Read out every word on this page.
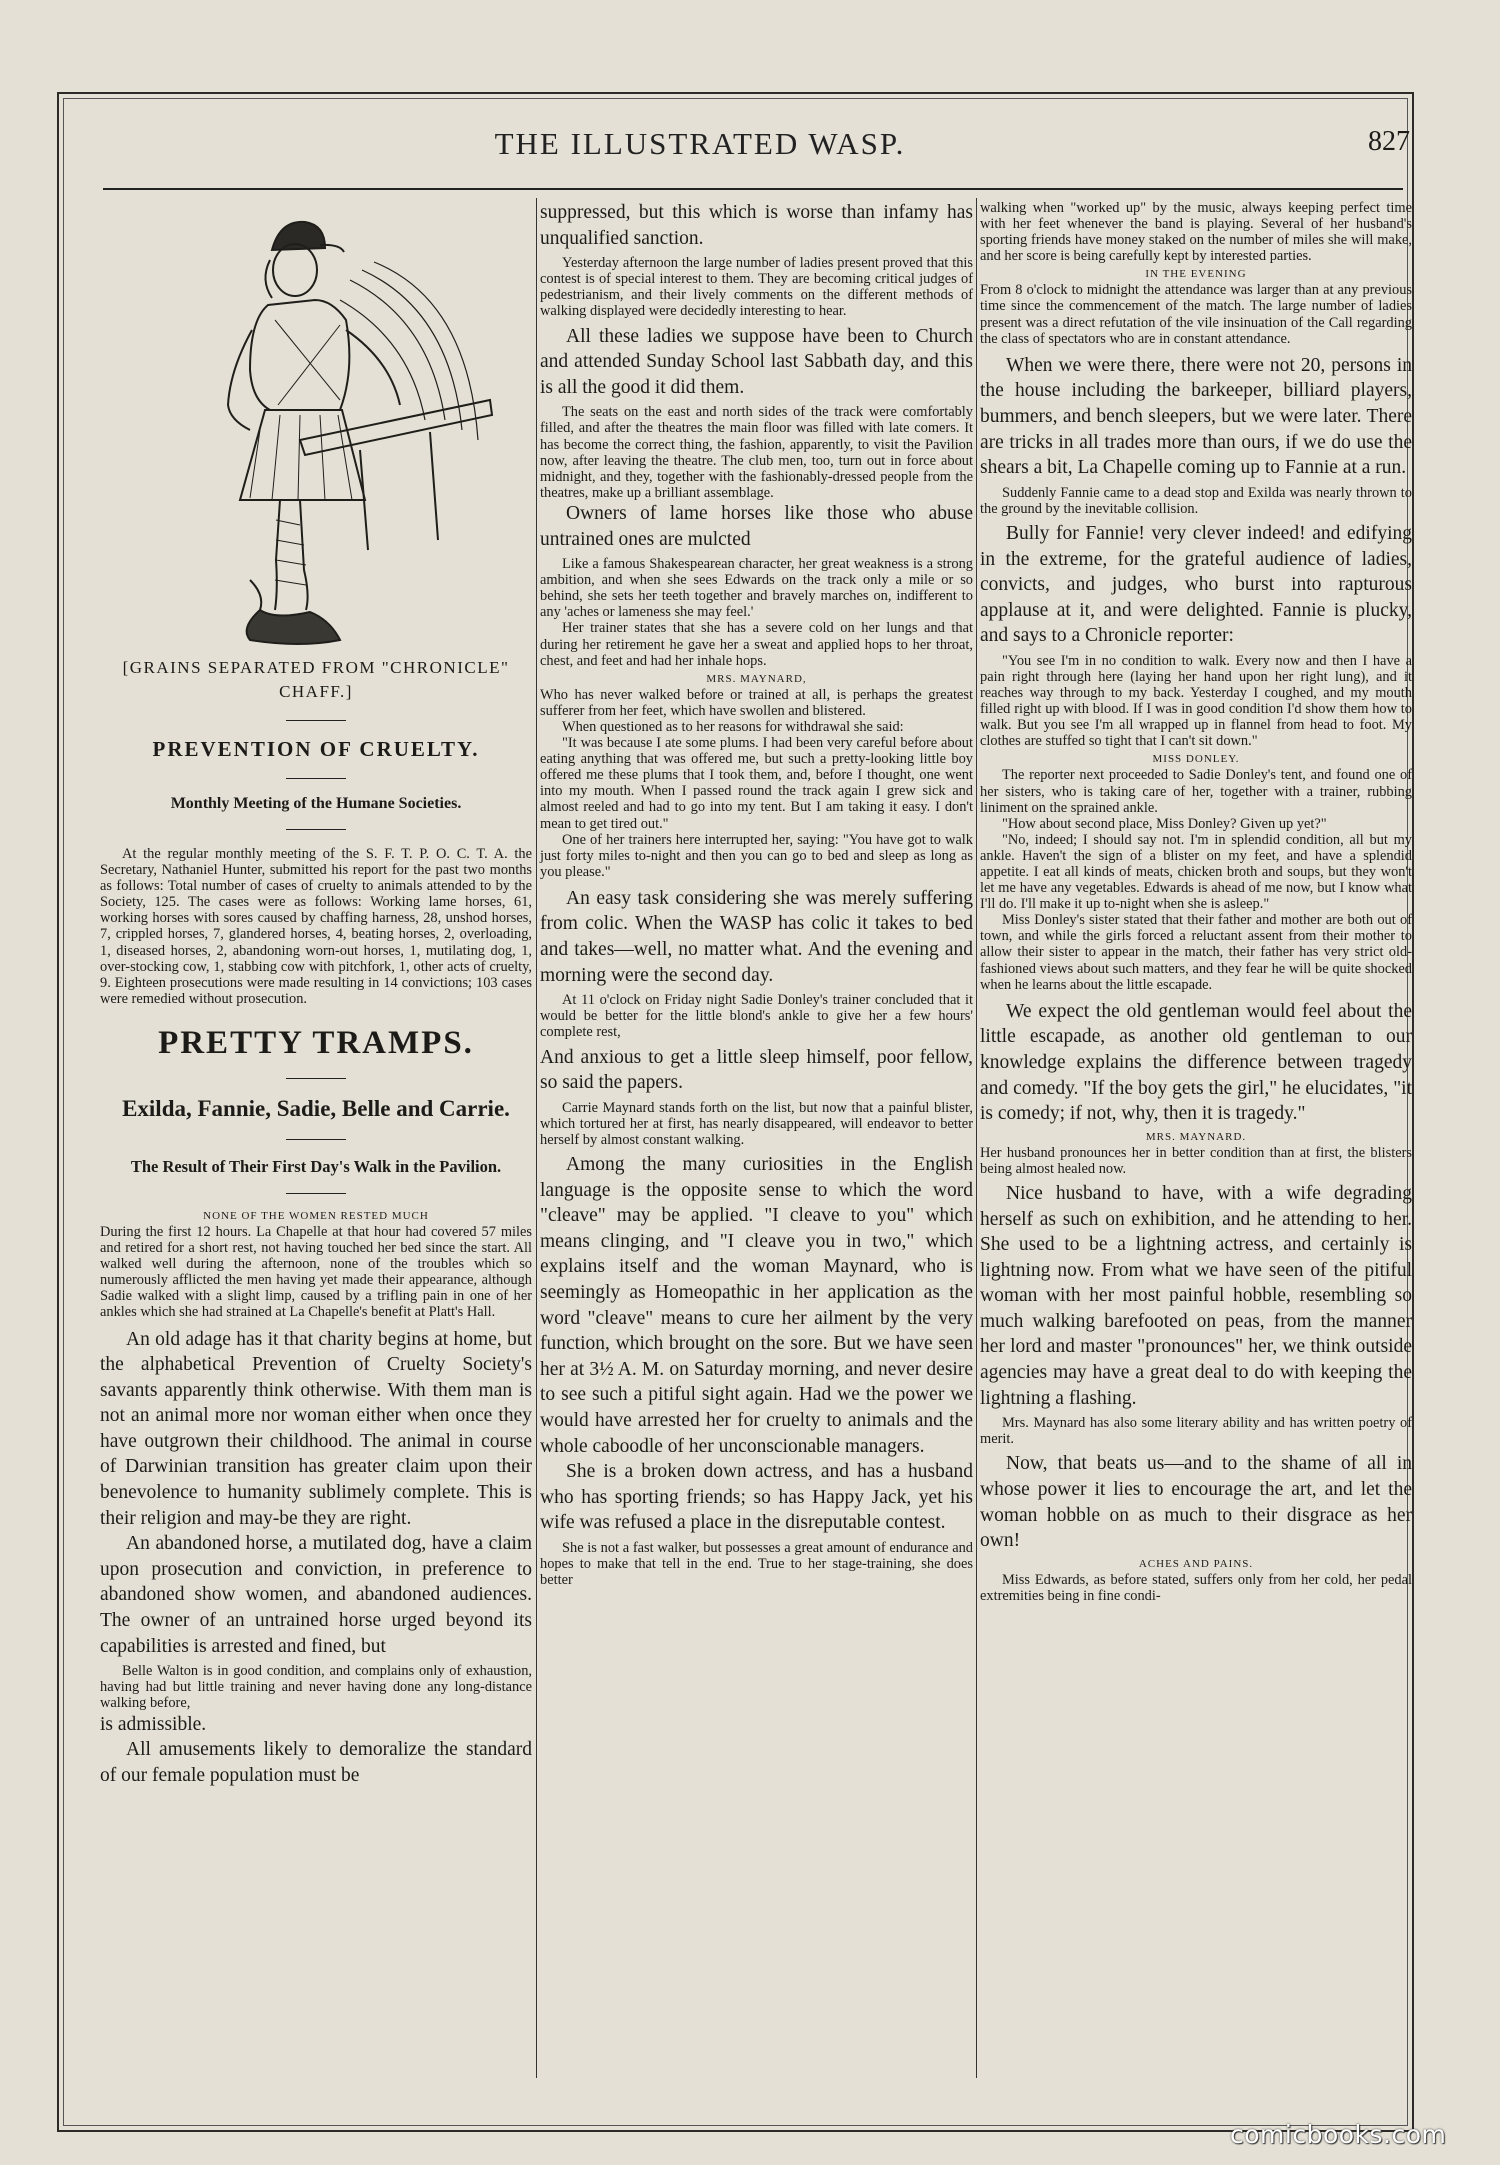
THE ILLUSTRATED WASP.	827

[GRAINS SEPARATED FROM "CHRONICLE"

CHAFF.]

PREVENTION OF CRUELTY.
Monthly Meeting of the Humane Societies.

At the regular monthly meeting of the S. F. T. P. O. C. T. A. the Secretary, Nathaniel Hunter, submitted his report for the past two months as follows: Total number of cases of cruelty to animals attended to by the Society, 125. The cases were as follows: Working lame horses, 61, working horses with sores caused by chaffing harness, 28, unshod horses, 7, crippled horses, 7, glandered horses, 4, beating horses, 2, overloading, 1, diseased horses, 2, abandoning worn-out horses, 1, mutilating dog, 1, over-stocking cow, 1, stabbing cow with pitchfork, 1, other acts of cruelty, 9. Eighteen prosecutions were made resulting in 14 convictions; 103 cases were remedied without prosecution.

PRETTY TRAMPS.
Exilda, Fannie, Sadie, Belle and Carrie.
The Result of Their First Day's Walk in the Pavilion.

NONE OF THE WOMEN RESTED MUCH

During the first 12 hours. La Chapelle at that hour had covered 57 miles and retired for a short rest, not having touched her bed since the start. All walked well during the afternoon, none of the troubles which so numerously afflicted the men having yet made their appearance, although Sadie walked with a slight limp, caused by a trifling pain in one of her ankles which she had strained at La Chapelle's benefit at Platt's Hall.

An old adage has it that charity begins at home, but the alphabetical Prevention of Cruelty Society's savants apparently think otherwise. With them man is not an animal more nor woman either when once they have outgrown their childhood. The animal in course of Darwinian transition has greater claim upon their benevolence to humanity sublimely complete. This is their religion and may-be they are right.

An abandoned horse, a mutilated dog, have a claim upon prosecution and conviction, in preference to abandoned show women, and abandoned audiences. The owner of an untrained horse urged beyond its capabilities is arrested and fined, but

Belle Walton is in good condition, and complains only of exhaustion, having had but little training and never having done any long-distance walking before,

is admissible.

All amusements likely to demoralize the standard of our female population must be

suppressed, but this which is worse than infamy has unqualified sanction.

Yesterday afternoon the large number of ladies present proved that this contest is of special interest to them. They are becoming critical judges of pedestrianism, and their lively comments on the different methods of walking displayed were decidedly interesting to hear.

All these ladies we suppose have been to Church and attended Sunday School last Sabbath day, and this is all the good it did them.

The seats on the east and north sides of the track were comfortably filled, and after the theatres the main floor was filled with late comers. It has become the correct thing, the fashion, apparently, to visit the Pavilion now, after leaving the theatre. The club men, too, turn out in force about midnight, and they, together with the fashionably-dressed people from the theatres, make up a brilliant assemblage.

Owners of lame horses like those who abuse untrained ones are mulcted

Like a famous Shakespearean character, her great weakness is a strong ambition, and when she sees Edwards on the track only a mile or so behind, she sets her teeth together and bravely marches on, indifferent to any 'aches or lameness she may feel.'

Her trainer states that she has a severe cold on her lungs and that during her retirement he gave her a sweat and applied hops to her throat, chest, and feet and had her inhale hops.

MRS. MAYNARD,

Who has never walked before or trained at all, is perhaps the greatest sufferer from her feet, which have swollen and blistered.

When questioned as to her reasons for withdrawal she said:

"It was because I ate some plums. I had been very careful before about eating anything that was offered me, but such a pretty-looking little boy offered me these plums that I took them, and, before I thought, one went into my mouth. When I passed round the track again I grew sick and almost reeled and had to go into my tent. But I am taking it easy. I don't mean to get tired out."

One of her trainers here interrupted her, saying: "You have got to walk just forty miles to-night and then you can go to bed and sleep as long as you please."

An easy task considering she was merely suffering from colic. When the WASP has colic it takes to bed and takes—well, no matter what. And the evening and morning were the second day.

At 11 o'clock on Friday night Sadie Donley's trainer concluded that it would be better for the little blond's ankle to give her a few hours' complete rest,

And anxious to get a little sleep himself, poor fellow, so said the papers.

Carrie Maynard stands forth on the list, but now that a painful blister, which tortured her at first, has nearly disappeared, will endeavor to better herself by almost constant walking.

Among the many curiosities in the English language is the opposite sense to which the word "cleave" may be applied. "I cleave to you" which means clinging, and "I cleave you in two," which explains itself and the woman Maynard, who is seemingly as Homeopathic in her application as the word "cleave" means to cure her ailment by the very function, which brought on the sore. But we have seen her at 3½ A. M. on Saturday morning, and never desire to see such a pitiful sight again. Had we the power we would have arrested her for cruelty to animals and the whole caboodle of her unconscionable managers.

She is a broken down actress, and has a husband who has sporting friends; so has Happy Jack, yet his wife was refused a place in the disreputable contest.

She is not a fast walker, but possesses a great amount of endurance and hopes to make that tell in the end. True to her stage-training, she does better

walking when "worked up" by the music, always keeping perfect time with her feet whenever the band is playing. Several of her husband's sporting friends have money staked on the number of miles she will make, and her score is being carefully kept by interested parties.

IN THE EVENING

From 8 o'clock to midnight the attendance was larger than at any previous time since the commencement of the match. The large number of ladies present was a direct refutation of the vile insinuation of the Call regarding the class of spectators who are in constant attendance.

When we were there, there were not 20, persons in the house including the barkeeper, billiard players, bummers, and bench sleepers, but we were later. There are tricks in all trades more than ours, if we do use the shears a bit, La Chapelle coming up to Fannie at a run.

Suddenly Fannie came to a dead stop and Exilda was nearly thrown to the ground by the inevitable collision.

Bully for Fannie! very clever indeed! and edifying in the extreme, for the grateful audience of ladies, convicts, and judges, who burst into rapturous applause at it, and were delighted. Fannie is plucky, and says to a Chronicle reporter:

"You see I'm in no condition to walk. Every now and then I have a pain right through here (laying her hand upon her right lung), and it reaches way through to my back. Yesterday I coughed, and my mouth filled right up with blood. If I was in good condition I'd show them how to walk. But you see I'm all wrapped up in flannel from head to foot. My clothes are stuffed so tight that I can't sit down."

MISS DONLEY.

The reporter next proceeded to Sadie Donley's tent, and found one of her sisters, who is taking care of her, together with a trainer, rubbing liniment on the sprained ankle.

"How about second place, Miss Donley? Given up yet?"

"No, indeed; I should say not. I'm in splendid condition, all but my ankle. Haven't the sign of a blister on my feet, and have a splendid appetite. I eat all kinds of meats, chicken broth and soups, but they won't let me have any vegetables. Edwards is ahead of me now, but I know what I'll do. I'll make it up to-night when she is asleep."

Miss Donley's sister stated that their father and mother are both out of town, and while the girls forced a reluctant assent from their mother to allow their sister to appear in the match, their father has very strict old-fashioned views about such matters, and they fear he will be quite shocked when he learns about the little escapade.

We expect the old gentleman would feel about the little escapade, as another old gentleman to our knowledge explains the difference between tragedy and comedy. "If the boy gets the girl," he elucidates, "it is comedy; if not, why, then it is tragedy."

MRS. MAYNARD.

Her husband pronounces her in better condition than at first, the blisters being almost healed now.

Nice husband to have, with a wife degrading herself as such on exhibition, and he attending to her. She used to be a lightning actress, and certainly is lightning now. From what we have seen of the pitiful woman with her most painful hobble, resembling so much walking barefooted on peas, from the manner her lord and master "pronounces" her, we think outside agencies may have a great deal to do with keeping the lightning a flashing.

Mrs. Maynard has also some literary ability and has written poetry of merit.

Now, that beats us—and to the shame of all in whose power it lies to encourage the art, and let the woman hobble on as much to their disgrace as her own!

ACHES AND PAINS.

Miss Edwards, as before stated, suffers only from her cold, her pedal extremities being in fine condi-

comicbooks.com
